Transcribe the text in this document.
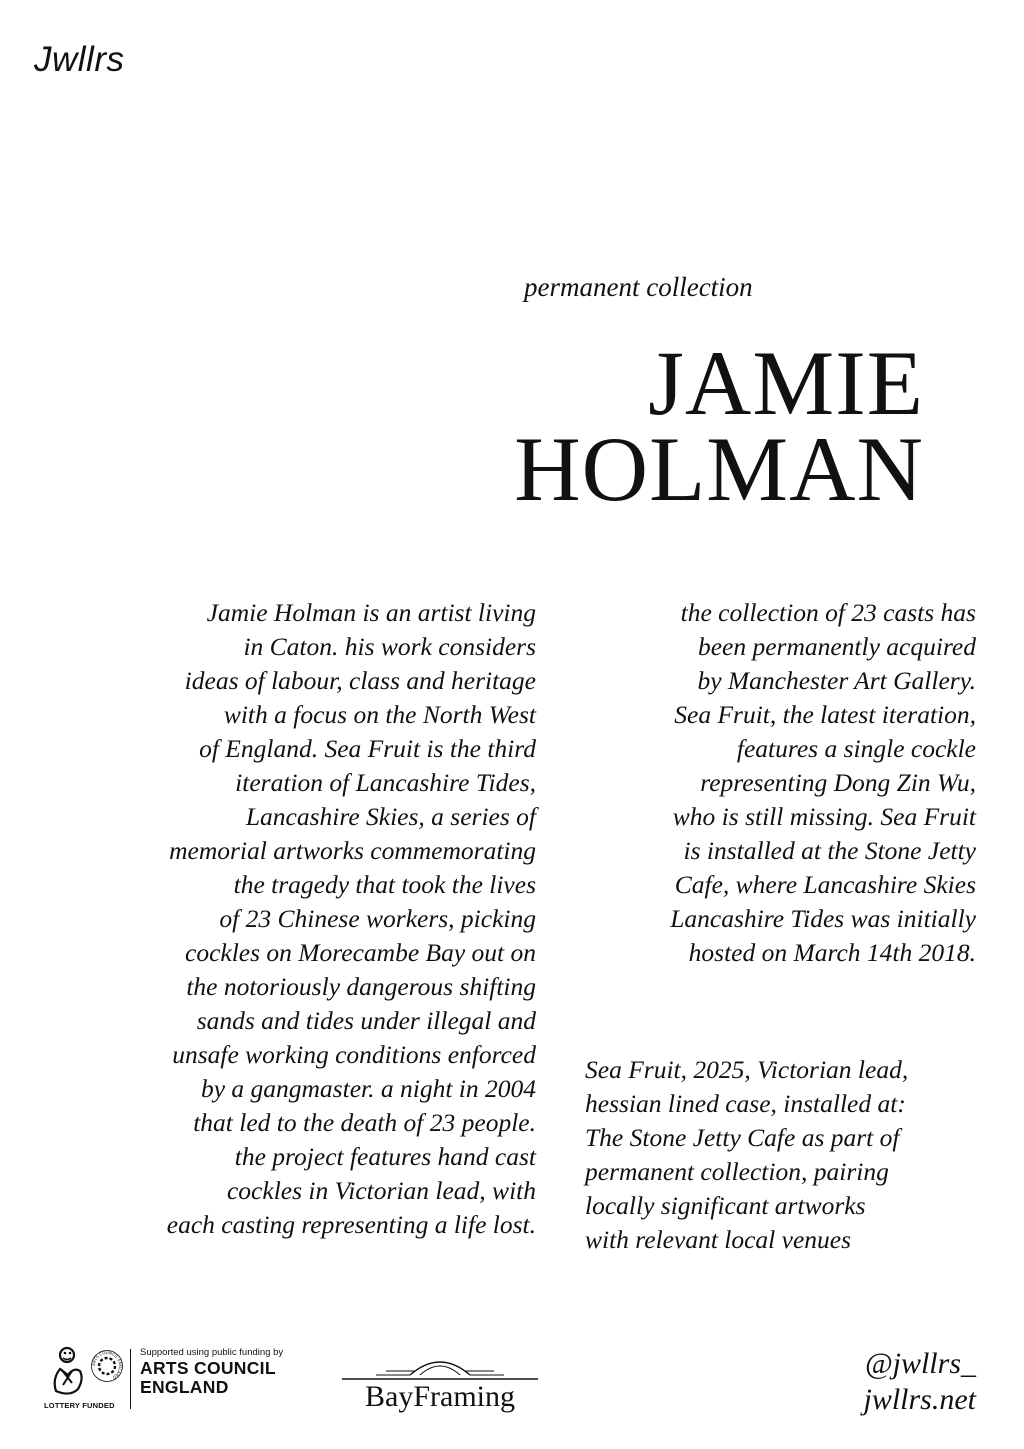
Jwllrs
permanent collection
JAMIE
HOLMAN
Jamie Holman is an artist living
in Caton. his work considers
ideas of labour, class and heritage
with a focus on the North West
of England. Sea Fruit is the third
iteration of Lancashire Tides,
Lancashire Skies, a series of
memorial artworks commemorating
the tragedy that took the lives
of 23 Chinese workers, picking
cockles on Morecambe Bay out on
the notoriously dangerous shifting
sands and tides under illegal and
unsafe working conditions enforced
by a gangmaster. a night in 2004
that led to the death of 23 people.
the project features hand cast
cockles in Victorian lead, with
each casting representing a life lost.
the collection of 23 casts has
been permanently acquired
by Manchester Art Gallery.
Sea Fruit, the latest iteration,
features a single cockle
representing Dong Zin Wu,
who is still missing. Sea Fruit
is installed at the Stone Jetty
Cafe, where Lancashire Skies
Lancashire Tides was initially
hosted on March 14th 2018.
Sea Fruit, 2025, Victorian lead,
hessian lined case, installed at:
The Stone Jetty Cafe as part of
permanent collection, pairing
locally significant artworks
with relevant local venues
ARTS COUNCIL ENGLAND
LOTTERY FUNDED
Supported using public funding by
ARTS COUNCIL
ENGLAND	BayFraming
@jwllrs_
jwllrs.net
